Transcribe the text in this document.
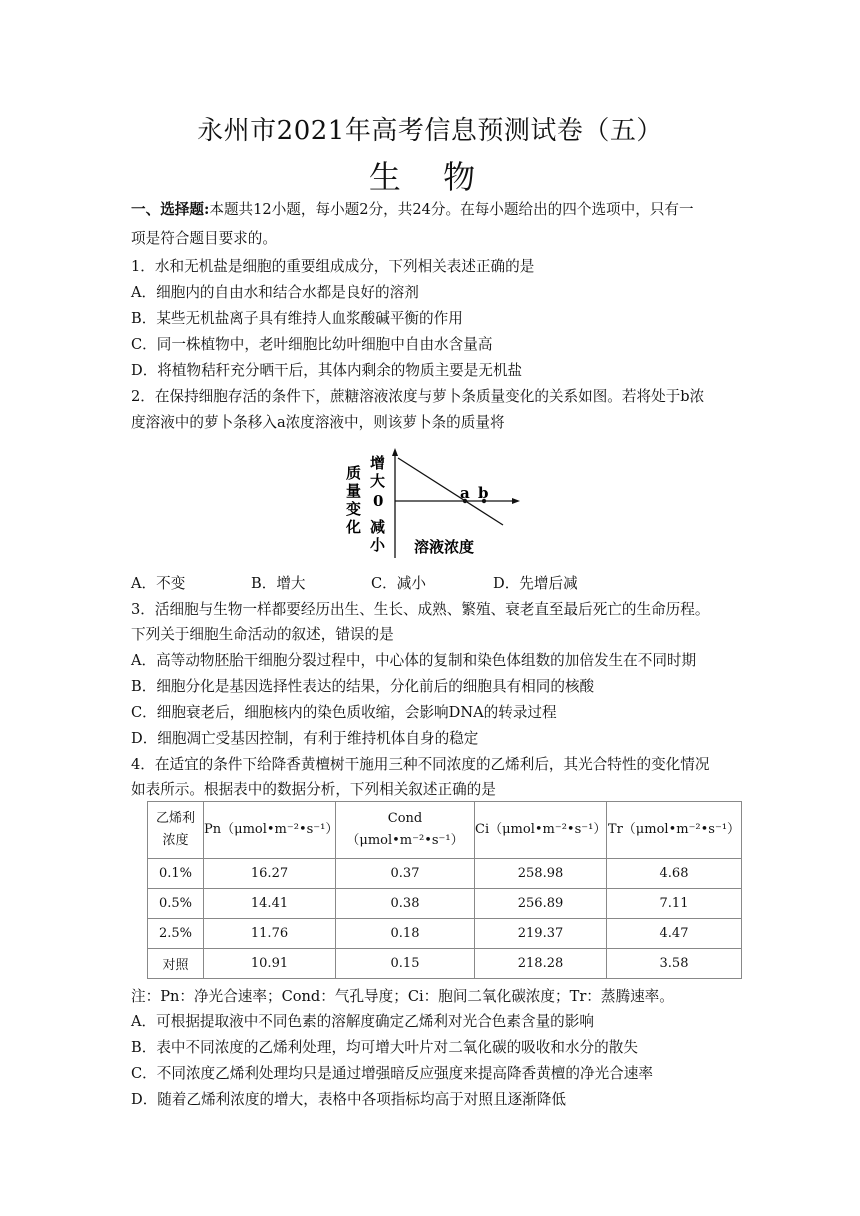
永州市2021年高考信息预测试卷（五）
生 物
一、选择题:本题共12小题，每小题2分，共24分。在每小题给出的四个选项中，只有一
项是符合题目要求的。
1．水和无机盐是细胞的重要组成成分，下列相关表述正确的是
A．细胞内的自由水和结合水都是良好的溶剂
B．某些无机盐离子具有维持人血浆酸碱平衡的作用
C．同一株植物中，老叶细胞比幼叶细胞中自由水含量高
D．将植物秸秆充分晒干后，其体内剩余的物质主要是无机盐
2．在保持细胞存活的条件下，蔗糖溶液浓度与萝卜条质量变化的关系如图。若将处于b浓
度溶液中的萝卜条移入a浓度溶液中，则该萝卜条的质量将
质
量
变
化
增
大
0
减
小 溶液浓度
a b
A．不变	B．增大	C．减小	D．先增后减
3．活细胞与生物一样都要经历出生、生长、成熟、繁殖、衰老直至最后死亡的生命历程。
下列关于细胞生命活动的叙述，错误的是
A．高等动物胚胎干细胞分裂过程中，中心体的复制和染色体组数的加倍发生在不同时期
B．细胞分化是基因选择性表达的结果，分化前后的细胞具有相同的核酸
C．细胞衰老后，细胞核内的染色质收缩，会影响DNA的转录过程
D．细胞凋亡受基因控制，有利于维持机体自身的稳定
4．在适宜的条件下给降香黄檀树干施用三种不同浓度的乙烯利后，其光合特性的变化情况
如表所示。根据表中的数据分析，下列相关叙述正确的是
乙烯利
浓度	Pn（μmol•m⁻²•s⁻¹）	Cond（μmol•m⁻²•s⁻¹）	Ci（μmol•m⁻²•s⁻¹）	Tr（μmol•m⁻²•s⁻¹）
0.1%	16.27	0.37	258.98	4.68
0.5%	14.41	0.38	256.89	7.11
2.5%	11.76	0.18	219.37	4.47
对照	10.91	0.15	218.28	3.58
注：Pn：净光合速率；Cond：气孔导度；Ci：胞间二氧化碳浓度；Tr：蒸腾速率。
A．可根据提取液中不同色素的溶解度确定乙烯利对光合色素含量的影响
B．表中不同浓度的乙烯利处理，均可增大叶片对二氧化碳的吸收和水分的散失
C．不同浓度乙烯利处理均只是通过增强暗反应强度来提高降香黄檀的净光合速率
D．随着乙烯利浓度的增大，表格中各项指标均高于对照且逐渐降低
